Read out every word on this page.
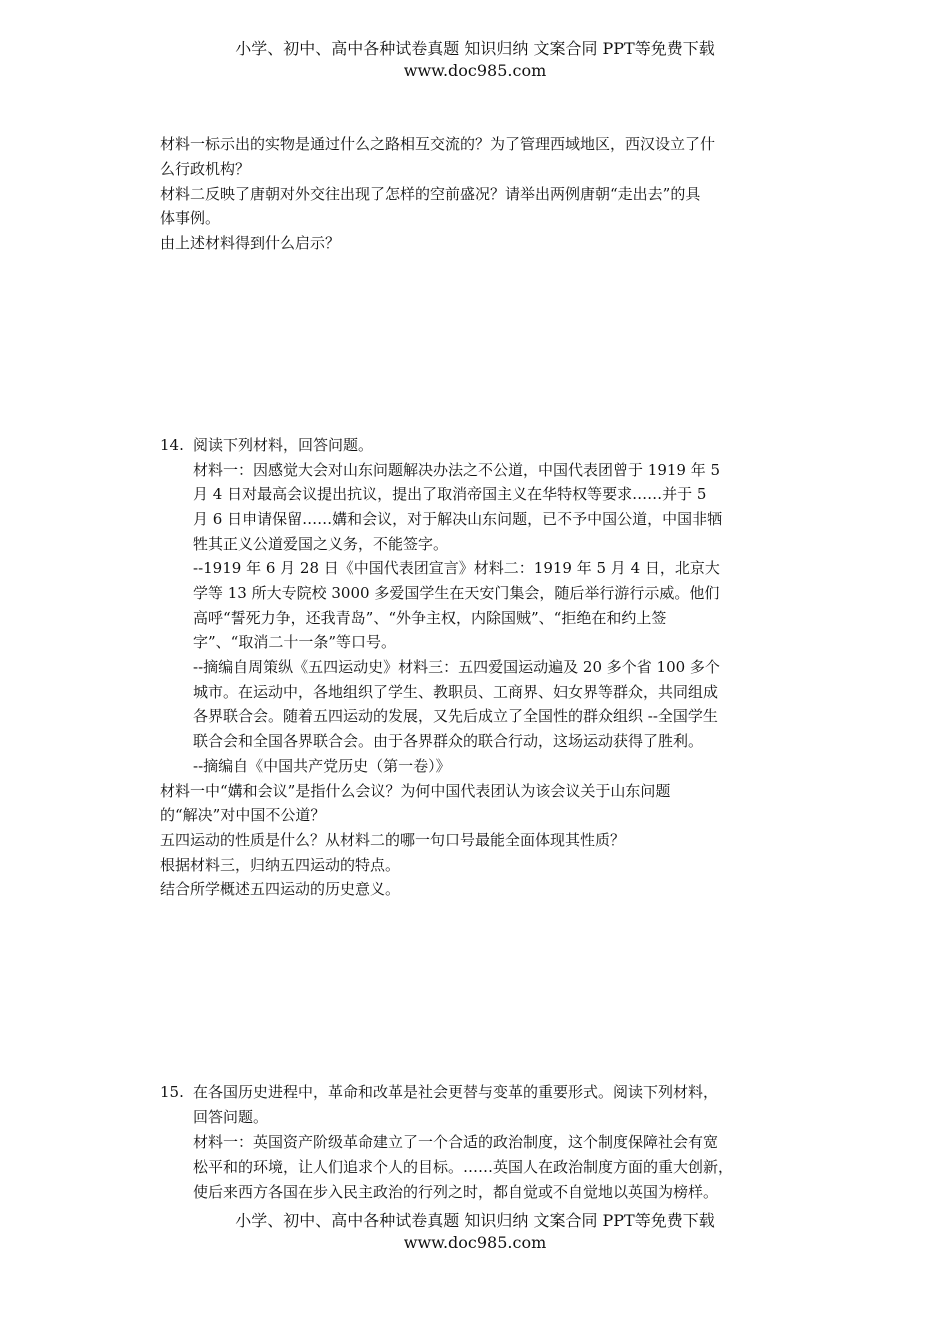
小学、初中、高中各种试卷真题 知识归纳 文案合同 PPT等免费下载
www.doc985.com
材料一标示出的实物是通过什么之路相互交流的？为了管理西域地区，西汉设立了什
么行政机构？
材料二反映了唐朝对外交往出现了怎样的空前盛况？请举出两例唐朝“走出去”的具
体事例。
由上述材料得到什么启示？
14. 阅读下列材料，回答问题。
材料一：因感觉大会对山东问题解决办法之不公道，中国代表团曾于 1919 年 5
月 4 日对最高会议提出抗议，提出了取消帝国主义在华特权等要求……并于 5
月 6 日申请保留……媾和会议，对于解决山东问题，已不予中国公道，中国非牺
牲其正义公道爱国之义务，不能签字。
--1919 年 6 月 28 日《中国代表团宣言》材料二：1919 年 5 月 4 日，北京大
学等 13 所大专院校 3000 多爱国学生在天安门集会，随后举行游行示威。他们
高呼“誓死力争，还我青岛”、“外争主权，内除国贼”、“拒绝在和约上签
字”、“取消二十一条”等口号。
--摘编自周策纵《五四运动史》材料三：五四爱国运动遍及 20 多个省 100 多个
城市。在运动中，各地组织了学生、教职员、工商界、妇女界等群众，共同组成
各界联合会。随着五四运动的发展，又先后成立了全国性的群众组织 --全国学生
联合会和全国各界联合会。由于各界群众的联合行动，这场运动获得了胜利。
--摘编自《中国共产党历史（第一卷）》
材料一中“媾和会议”是指什么会议？为何中国代表团认为该会议关于山东问题
的“解决”对中国不公道？
五四运动的性质是什么？从材料二的哪一句口号最能全面体现其性质？
根据材料三，归纳五四运动的特点。
结合所学概述五四运动的历史意义。
15. 在各国历史进程中，革命和改革是社会更替与变革的重要形式。阅读下列材料，
回答问题。
材料一：英国资产阶级革命建立了一个合适的政治制度，这个制度保障社会有宽
松平和的环境，让人们追求个人的目标。……英国人在政治制度方面的重大创新，
使后来西方各国在步入民主政治的行列之时，都自觉或不自觉地以英国为榜样。
小学、初中、高中各种试卷真题 知识归纳 文案合同 PPT等免费下载
www.doc985.com
